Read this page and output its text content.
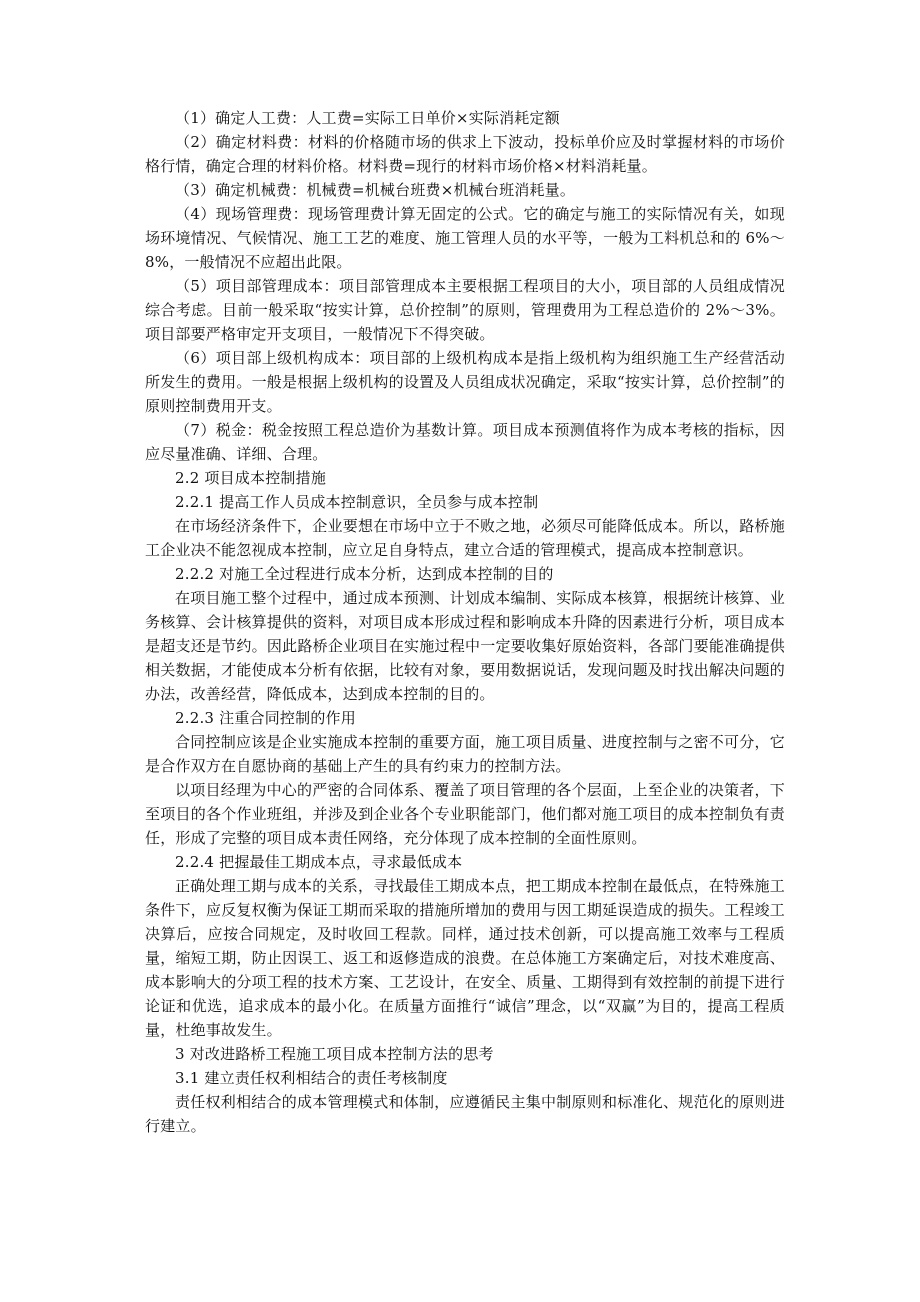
（1）确定人工费：人工费=实际工日单价×实际消耗定额

（2）确定材料费：材料的价格随市场的供求上下波动，投标单价应及时掌握材料的市场价格行情，确定合理的材料价格。材料费=现行的材料市场价格×材料消耗量。

（3）确定机械费：机械费=机械台班费×机械台班消耗量。

（4）现场管理费：现场管理费计算无固定的公式。它的确定与施工的实际情况有关，如现场环境情况、气候情况、施工工艺的难度、施工管理人员的水平等，一般为工料机总和的 6%～8%，一般情况不应超出此限。

（5）项目部管理成本：项目部管理成本主要根据工程项目的大小，项目部的人员组成情况综合考虑。目前一般采取“按实计算，总价控制”的原则，管理费用为工程总造价的 2%～3%。项目部要严格审定开支项目，一般情况下不得突破。

（6）项目部上级机构成本：项目部的上级机构成本是指上级机构为组织施工生产经营活动所发生的费用。一般是根据上级机构的设置及人员组成状况确定，采取“按实计算，总价控制”的原则控制费用开支。

（7）税金：税金按照工程总造价为基数计算。项目成本预测值将作为成本考核的指标，因应尽量准确、详细、合理。

2.2 项目成本控制措施

2.2.1 提高工作人员成本控制意识，全员参与成本控制

在市场经济条件下，企业要想在市场中立于不败之地，必须尽可能降低成本。所以，路桥施工企业决不能忽视成本控制，应立足自身特点，建立合适的管理模式，提高成本控制意识。

2.2.2 对施工全过程进行成本分析，达到成本控制的目的

在项目施工整个过程中，通过成本预测、计划成本编制、实际成本核算，根据统计核算、业务核算、会计核算提供的资料，对项目成本形成过程和影响成本升降的因素进行分析，项目成本是超支还是节约。因此路桥企业项目在实施过程中一定要收集好原始资料，各部门要能准确提供相关数据，才能使成本分析有依据，比较有对象，要用数据说话，发现问题及时找出解决问题的办法，改善经营，降低成本，达到成本控制的目的。

2.2.3 注重合同控制的作用

合同控制应该是企业实施成本控制的重要方面，施工项目质量、进度控制与之密不可分，它是合作双方在自愿协商的基础上产生的具有约束力的控制方法。

以项目经理为中心的严密的合同体系、覆盖了项目管理的各个层面，上至企业的决策者，下至项目的各个作业班组，并涉及到企业各个专业职能部门，他们都对施工项目的成本控制负有责任，形成了完整的项目成本责任网络，充分体现了成本控制的全面性原则。

2.2.4 把握最佳工期成本点，寻求最低成本

正确处理工期与成本的关系，寻找最佳工期成本点，把工期成本控制在最低点，在特殊施工条件下，应反复权衡为保证工期而采取的措施所增加的费用与因工期延误造成的损失。工程竣工决算后，应按合同规定，及时收回工程款。同样，通过技术创新，可以提高施工效率与工程质量，缩短工期，防止因误工、返工和返修造成的浪费。在总体施工方案确定后，对技术难度高、成本影响大的分项工程的技术方案、工艺设计，在安全、质量、工期得到有效控制的前提下进行论证和优选，追求成本的最小化。在质量方面推行“诚信”理念，以“双赢”为目的，提高工程质量，杜绝事故发生。

3 对改进路桥工程施工项目成本控制方法的思考

3.1 建立责任权利相结合的责任考核制度

责任权利相结合的成本管理模式和体制，应遵循民主集中制原则和标准化、规范化的原则进行建立。
